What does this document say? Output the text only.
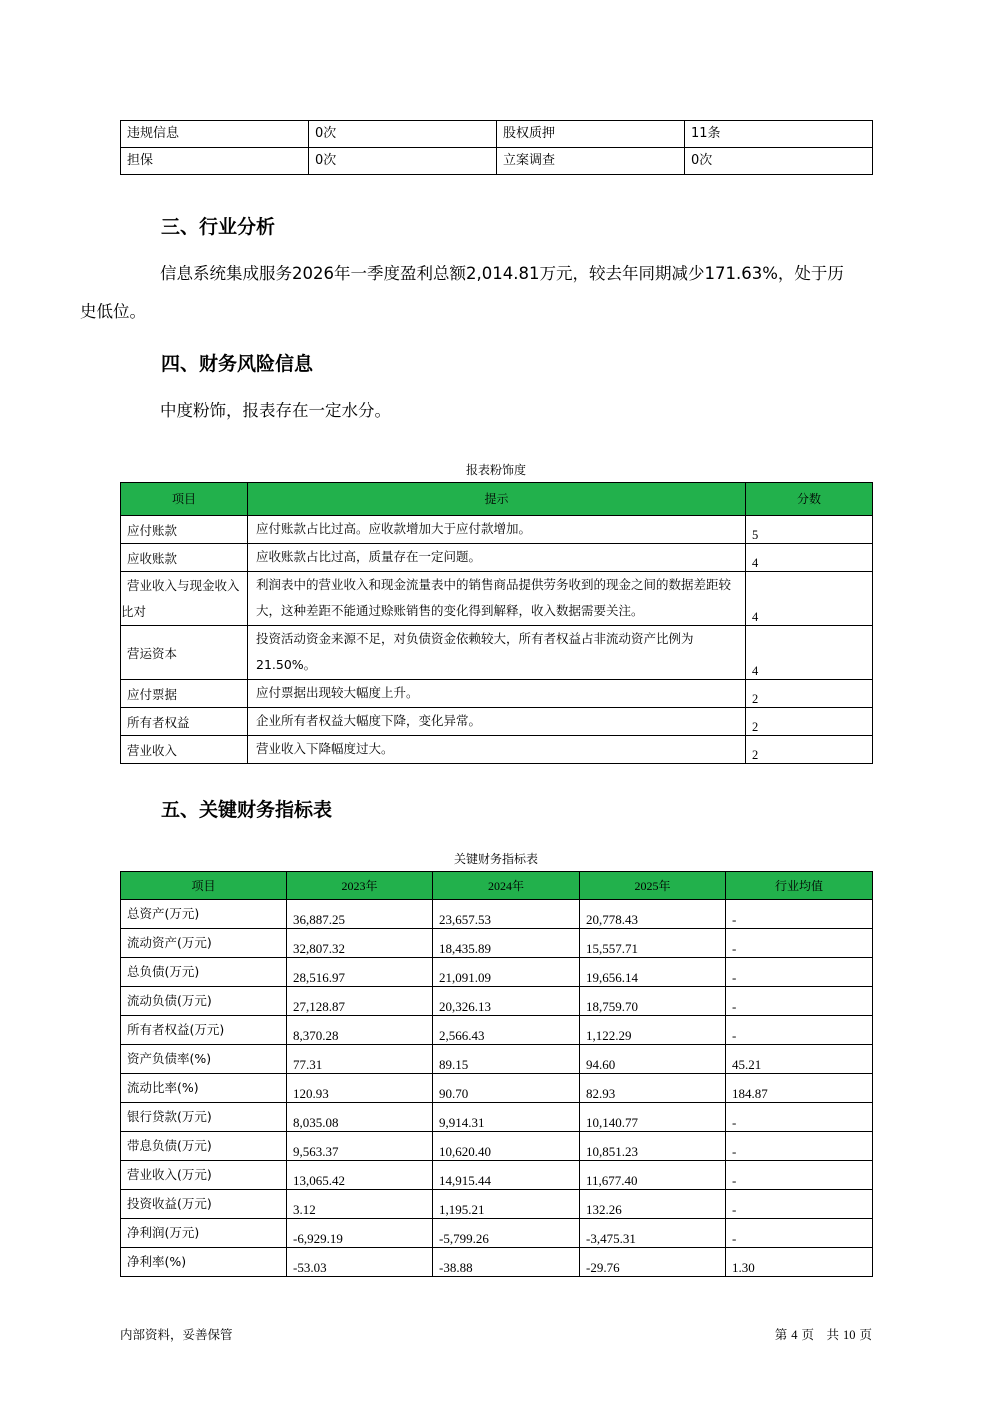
违规信息	0次	股权质押	11条
担保	0次	立案调查	0次
三、行业分析
信息系统集成服务2026年一季度盈利总额2,014.81万元，较去年同期减少171.63%，处于历
史低位。
四、财务风险信息
中度粉饰，报表存在一定水分。
报表粉饰度
项目	提示	分数
应付账款	应付账款占比过高。应收款增加大于应付款增加。	5
应收账款	应收账款占比过高，质量存在一定问题。	4
营业收入与现金收入比对	利润表中的营业收入和现金流量表中的销售商品提供劳务收到的现金之间的数据差距较大，这种差距不能通过赊账销售的变化得到解释，收入数据需要关注。	4
营运资本	投资活动资金来源不足，对负债资金依赖较大，所有者权益占非流动资产比例为21.50%。	4
应付票据	应付票据出现较大幅度上升。	2
所有者权益	企业所有者权益大幅度下降，变化异常。	2
营业收入	营业收入下降幅度过大。	2
五、关键财务指标表
关键财务指标表
项目	2023年	2024年	2025年	行业均值
总资产(万元)	36,887.25	23,657.53	20,778.43	-
流动资产(万元)	32,807.32	18,435.89	15,557.71	-
总负债(万元)	28,516.97	21,091.09	19,656.14	-
流动负债(万元)	27,128.87	20,326.13	18,759.70	-
所有者权益(万元)	8,370.28	2,566.43	1,122.29	-
资产负债率(%)	77.31	89.15	94.60	45.21
流动比率(%)	120.93	90.70	82.93	184.87
银行贷款(万元)	8,035.08	9,914.31	10,140.77	-
带息负债(万元)	9,563.37	10,620.40	10,851.23	-
营业收入(万元)	13,065.42	14,915.44	11,677.40	-
投资收益(万元)	3.12	1,195.21	132.26	-
净利润(万元)	-6,929.19	-5,799.26	-3,475.31	-
净利率(%)	-53.03	-38.88	-29.76	1.30
内部资料，妥善保管	第 4 页　共 10 页
